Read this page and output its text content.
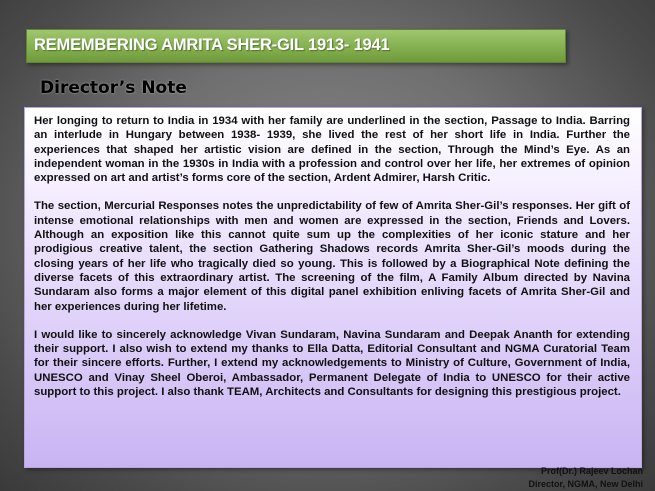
REMEMBERING AMRITA SHER-GIL 1913- 1941
Director’s Note

Her longing to return to India in 1934 with her family are underlined in the section, Passage to India. Barring an interlude in Hungary between 1938- 1939, she lived the rest of her short life in India. Further the experiences that shaped her artistic vision are defined in the section, Through the Mind’s Eye. As an independent woman in the 1930s in India with a profession and control over her life, her extremes of opinion expressed on art and artist’s forms core of the section, Ardent Admirer, Harsh Critic.

The section, Mercurial Responses notes the unpredictability of few of Amrita Sher-Gil’s responses. Her gift of intense emotional relationships with men and women are expressed in the section, Friends and Lovers. Although an exposition like this cannot quite sum up the complexities of her iconic stature and her prodigious creative talent, the section Gathering Shadows records Amrita Sher-Gil’s moods during the closing years of her life who tragically died so young. This is followed by a Biographical Note defining the diverse facets of this extraordinary artist. The screening of the film, A Family Album directed by Navina Sundaram also forms a major element of this digital panel exhibition enliving facets of Amrita Sher-Gil and her experiences during her lifetime.

I would like to sincerely acknowledge Vivan Sundaram, Navina Sundaram and Deepak Ananth for extending their support. I also wish to extend my thanks to Ella Datta, Editorial Consultant and NGMA Curatorial Team for their sincere efforts. Further, I extend my acknowledgements to Ministry of Culture, Government of India, UNESCO and Vinay Sheel Oberoi, Ambassador, Permanent Delegate of India to UNESCO for their active support to this project. I also thank TEAM, Architects and Consultants for designing this prestigious project.

Prof(Dr.) Rajeev Lochan
Director, NGMA, New Delhi
